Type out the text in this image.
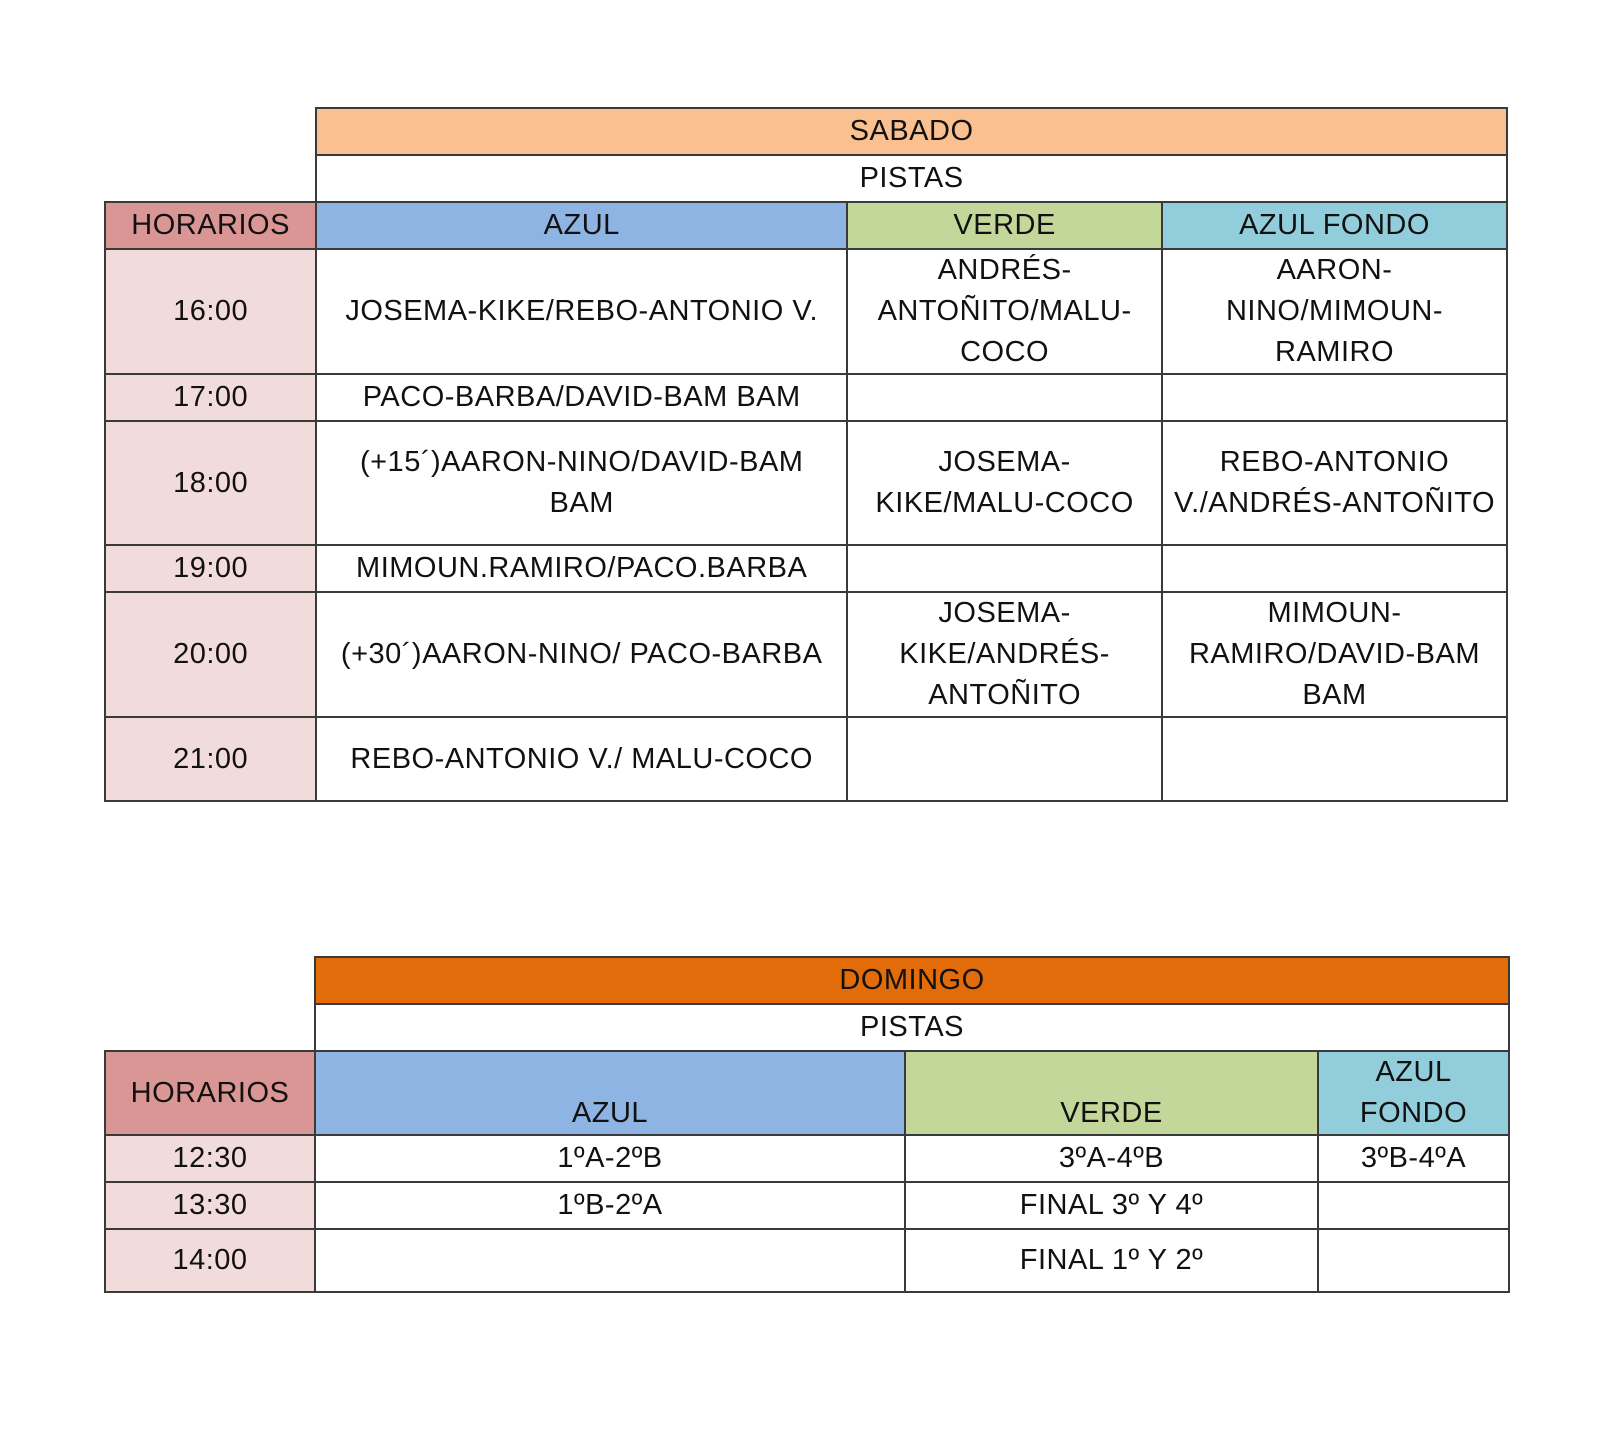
	SABADO		
	PISTAS		
HORARIOS	AZUL	VERDE	AZUL FONDO
16:00	JOSEMA-KIKE/REBO-ANTONIO V.	ANDRÉS-ANTOÑITO/MALU-COCO	AARON-NINO/MIMOUN-RAMIRO
17:00	PACO-BARBA/DAVID-BAM BAM		
18:00	(+15´)AARON-NINO/DAVID-BAM BAM	JOSEMA-KIKE/MALU-COCO	REBO-ANTONIO V./ANDRÉS-ANTOÑITO
19:00	MIMOUN.RAMIRO/PACO.BARBA		
20:00	(+30´)AARON-NINO/ PACO-BARBA	JOSEMA-KIKE/ANDRÉS-ANTOÑITO	MIMOUN-RAMIRO/DAVID-BAM BAM
21:00	REBO-ANTONIO V./ MALU-COCO		
	DOMINGO		
	PISTAS		
HORARIOS	AZUL	VERDE	AZUL FONDO
12:30	1ºA-2ºB	3ºA-4ºB	3ºB-4ºA
13:30	1ºB-2ºA	FINAL 3º Y 4º	
14:00		FINAL 1º Y 2º	
